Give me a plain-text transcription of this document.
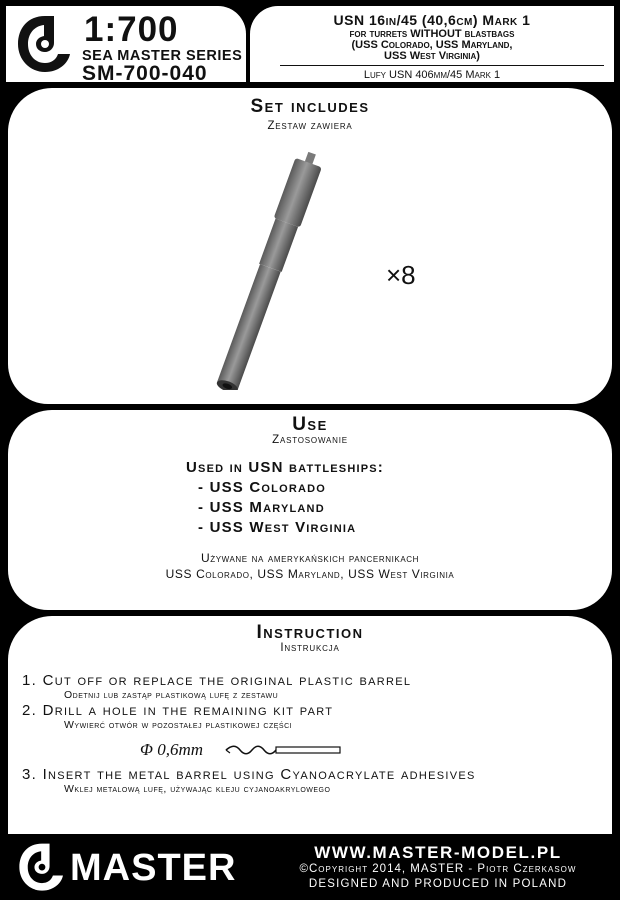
1:700
SEA MASTER SERIES
SM-700-040
USN 16in/45 (40,6cm) Mark 1
for turrets WITHOUT blastbags
(USS Colorado, USS Maryland,
USS West Virginia)
Lufy USN 406mm/45 Mark 1
Set includes
Zestaw zawiera
×8
Use
Zastosowanie
Used in USN battleships:
- USS Colorado
- USS Maryland
- USS West Virginia
Używane na amerykańskich pancernikach
USS Colorado, USS Maryland, USS West Virginia
Instruction
Instrukcja
1. Cut off or replace the original plastic barrel
Odetnij lub zastąp plastikową lufę z zestawu
2. Drill a hole in the remaining kit part
Wywierć otwór w pozostałej plastikowej części
Φ 0,6mm
3. Insert the metal barrel using Cyanoacrylate adhesives
Wklej metalową lufę, używając kleju cyjanoakrylowego
MASTER	WWW.MASTER-MODEL.PL
©Copyright 2014, MASTER - Piotr Czerkasow
DESIGNED AND PRODUCED IN POLAND
